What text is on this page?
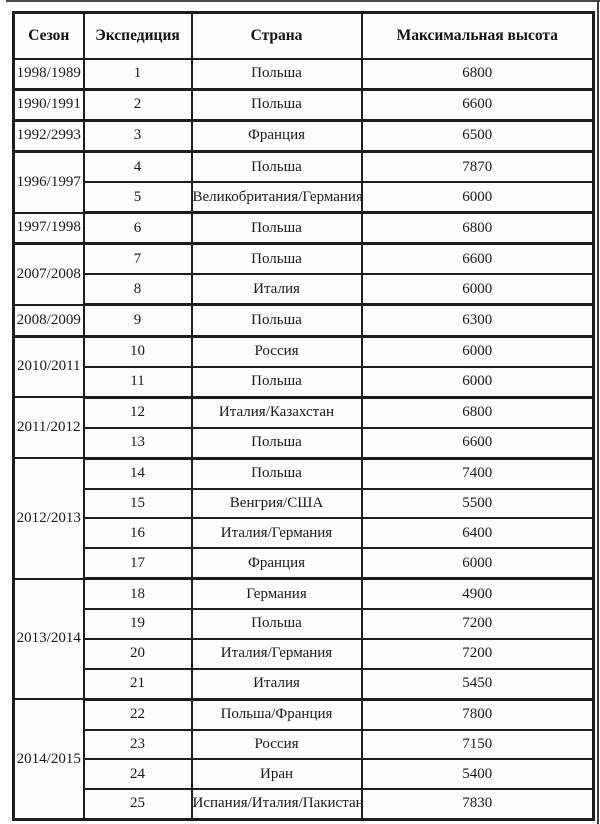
Сезон	Экспедиция	Страна	Максимальная высота
1998/1989	1	Польша	6800
1990/1991	2	Польша	6600
1992/2993	3	Франция	6500
1996/1997	4	Польша	7870
	5	Великобритания/Германия	6000
1997/1998	6	Польша	6800
2007/2008	7	Польша	6600
	8	Италия	6000
2008/2009	9	Польша	6300
2010/2011	10	Россия	6000
	11	Польша	6000
2011/2012	12	Италия/Казахстан	6800
	13	Польша	6600
2012/2013	14	Польша	7400
	15	Венгрия/США	5500
	16	Италия/Германия	6400
	17	Франция	6000
2013/2014	18	Германия	4900
	19	Польша	7200
	20	Италия/Германия	7200
	21	Италия	5450
2014/2015	22	Польша/Франция	7800
	23	Россия	7150
	24	Иран	5400
	25	Испания/Италия/Пакистан	7830
